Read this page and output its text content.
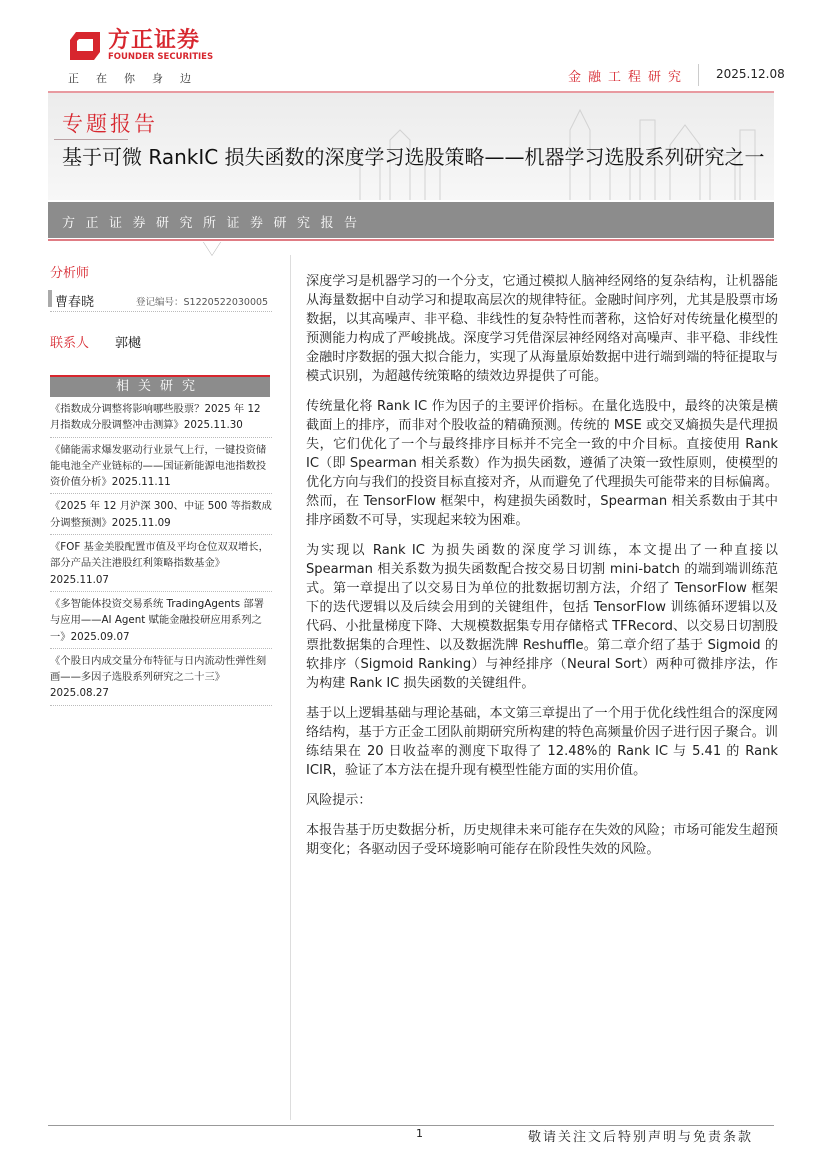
方正证券
FOUNDER SECURITIES
正在你身边	金融工程研究 2025.12.08
专题报告
基于可微 RankIC 损失函数的深度学习选股策略——机器学习选股系列研究之一
方正证券研究所证券研究报告
分析师
曹春晓	登记编号：S1220522030005
联系人 郭樾
相关研究
《指数成分调整将影响哪些股票？2025 年 12 月指数成分股调整冲击测算》2025.11.30
《储能需求爆发驱动行业景气上行，一键投资储能电池全产业链标的——国证新能源电池指数投资价值分析》2025.11.11
《2025 年 12 月沪深 300、中证 500 等指数成分调整预测》2025.11.09
《FOF 基金美股配置市值及平均仓位双双增长，部分产品关注港股红利策略指数基金》2025.11.07
《多智能体投资交易系统 TradingAgents 部署与应用——AI Agent 赋能金融投研应用系列之一》2025.09.07
《个股日内成交量分布特征与日内流动性弹性刻画——多因子选股系列研究之二十三》2025.08.27

深度学习是机器学习的一个分支，它通过模拟人脑神经网络的复杂结构，让机器能从海量数据中自动学习和提取高层次的规律特征。金融时间序列，尤其是股票市场数据，以其高噪声、非平稳、非线性的复杂特性而著称，这恰好对传统量化模型的预测能力构成了严峻挑战。深度学习凭借深层神经网络对高噪声、非平稳、非线性金融时序数据的强大拟合能力，实现了从海量原始数据中进行端到端的特征提取与模式识别，为超越传统策略的绩效边界提供了可能。

传统量化将 Rank IC 作为因子的主要评价指标。在量化选股中，最终的决策是横截面上的排序，而非对个股收益的精确预测。传统的 MSE 或交叉熵损失是代理损失，它们优化了一个与最终排序目标并不完全一致的中介目标。直接使用 Rank IC（即 Spearman 相关系数）作为损失函数，遵循了决策一致性原则，使模型的优化方向与我们的投资目标直接对齐，从而避免了代理损失可能带来的目标偏离。然而，在 TensorFlow 框架中，构建损失函数时，Spearman 相关系数由于其中排序函数不可导，实现起来较为困难。

为实现以 Rank IC 为损失函数的深度学习训练，本文提出了一种直接以 Spearman 相关系数为损失函数配合按交易日切割 mini-batch 的端到端训练范式。第一章提出了以交易日为单位的批数据切割方法，介绍了 TensorFlow 框架下的迭代逻辑以及后续会用到的关键组件，包括 TensorFlow 训练循环逻辑以及代码、小批量梯度下降、大规模数据集专用存储格式 TFRecord、以交易日切割股票批数据集的合理性、以及数据洗牌 Reshuffle。第二章介绍了基于 Sigmoid 的软排序（Sigmoid Ranking）与神经排序（Neural Sort）两种可微排序法，作为构建 Rank IC 损失函数的关键组件。

基于以上逻辑基础与理论基础，本文第三章提出了一个用于优化线性组合的深度网络结构，基于方正金工团队前期研究所构建的特色高频量价因子进行因子聚合。训练结果在 20 日收益率的测度下取得了 12.48%的 Rank IC 与 5.41 的 Rank ICIR，验证了本方法在提升现有模型性能方面的实用价值。

风险提示：

本报告基于历史数据分析，历史规律未来可能存在失效的风险；市场可能发生超预期变化；各驱动因子受环境影响可能存在阶段性失效的风险。

1	敬请关注文后特别声明与免责条款
